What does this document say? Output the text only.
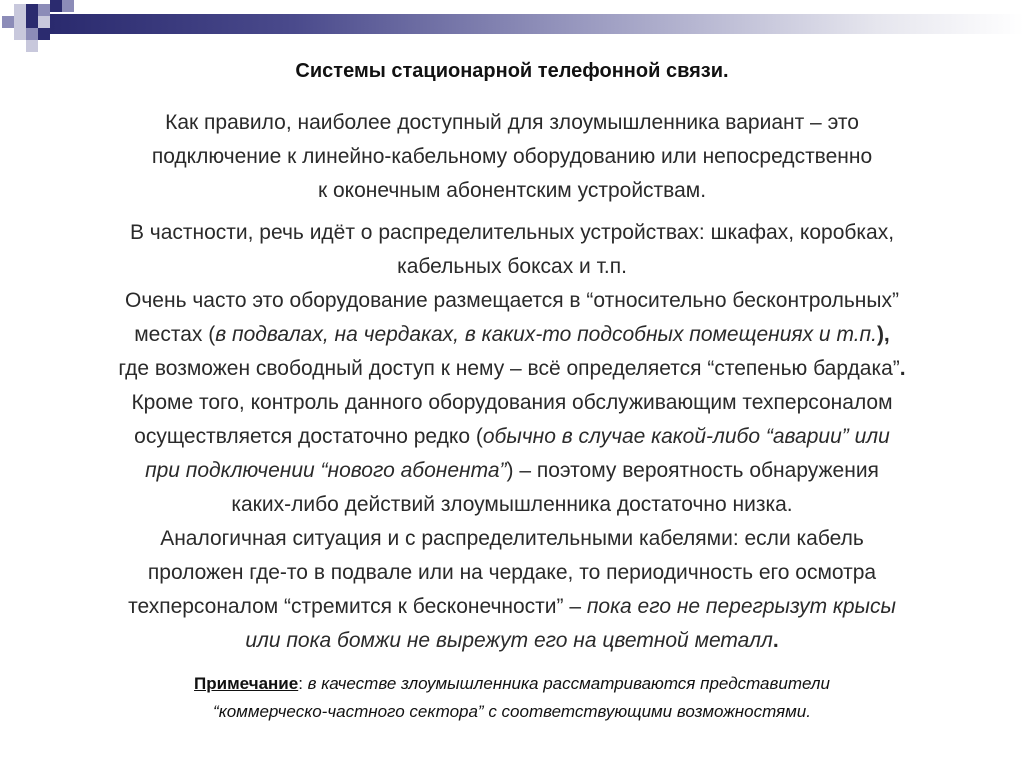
Системы стационарной телефонной связи.

Как правило, наиболее доступный для злоумышленника вариант – это
подключение к линейно-кабельному оборудованию или непосредственно
к оконечным абонентским устройствам.

В частности, речь идёт о распределительных устройствах: шкафах, коробках,
кабельных боксах и т.п.
Очень часто это оборудование размещается в “относительно бесконтрольных”
местах (в подвалах, на чердаках, в каких-то подсобных помещениях и т.п.),
где возможен свободный доступ к нему – всё определяется “степенью бардака”.
Кроме того, контроль данного оборудования обслуживающим техперсоналом
осуществляется достаточно редко (обычно в случае какой-либо “аварии” или
при подключении “нового абонента”) – поэтому вероятность обнаружения
каких-либо действий злоумышленника достаточно низка.
Аналогичная ситуация и с распределительными кабелями: если кабель
проложен где-то в подвале или на чердаке, то периодичность его осмотра
техперсоналом “стремится к бесконечности” – пока его не перегрызут крысы
или пока бомжи не вырежут его на цветной металл.

Примечание: в качестве злоумышленника рассматриваются представители
“коммерческо-частного сектора” с соответствующими возможностями.
